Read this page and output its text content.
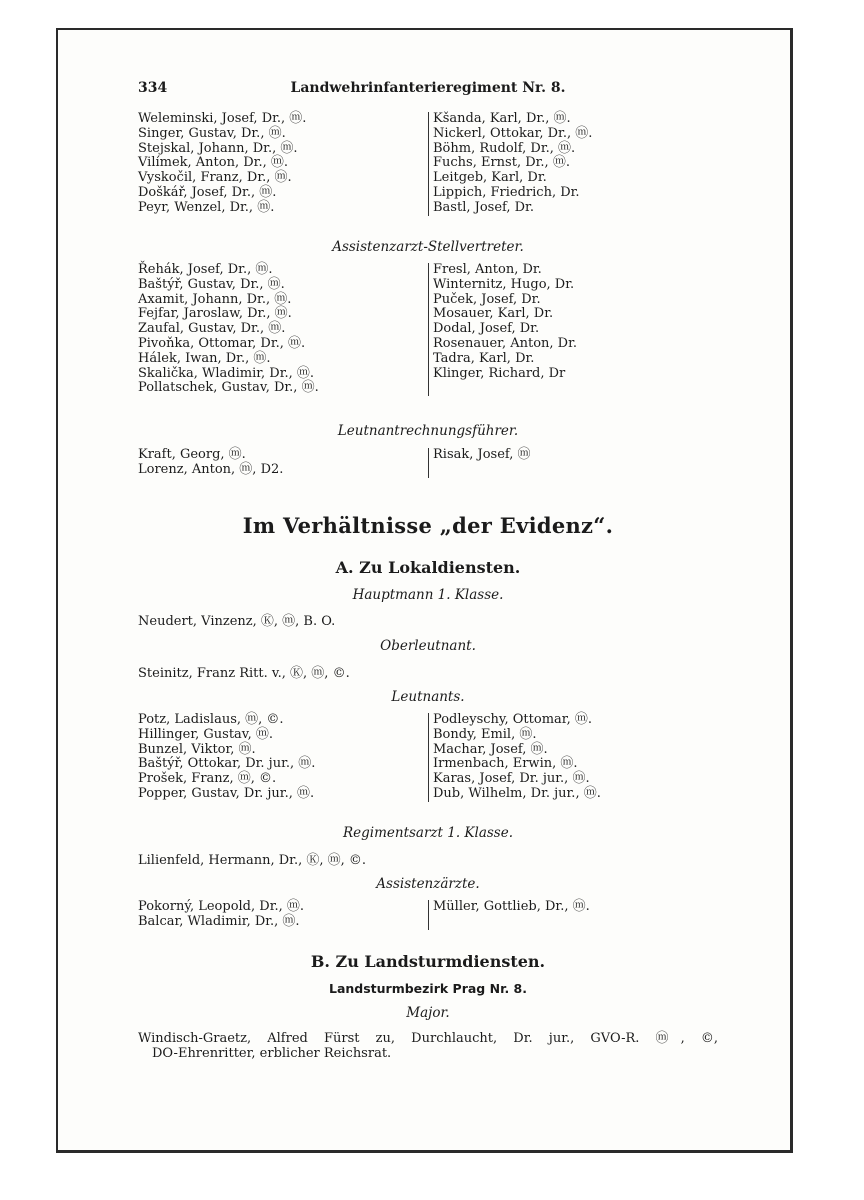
Landwehrinfanterieregiment Nr. 8.
334
Weleminski, Josef, Dr., ⓜ.
Singer, Gustav, Dr., ⓜ.
Stejskal, Johann, Dr., ⓜ.
Vilímek, Anton, Dr., ⓜ.
Vyskočil, Franz, Dr., ⓜ.
Doškář, Josef, Dr., ⓜ.
Peyr, Wenzel, Dr., ⓜ.
Kšanda, Karl, Dr., ⓜ.
Nickerl, Ottokar, Dr., ⓜ.
Böhm, Rudolf, Dr., ⓜ.
Fuchs, Ernst, Dr., ⓜ.
Leitgeb, Karl, Dr.
Lippich, Friedrich, Dr.
Bastl, Josef, Dr.
Assistenzarzt-Stellvertreter.
Řehák, Josef, Dr., ⓜ.
Baštýř, Gustav, Dr., ⓜ.
Axamit, Johann, Dr., ⓜ.
Fejfar, Jaroslaw, Dr., ⓜ.
Zaufal, Gustav, Dr., ⓜ.
Pivoňka, Ottomar, Dr., ⓜ.
Hálek, Iwan, Dr., ⓜ.
Skalička, Wladimir, Dr., ⓜ.
Pollatschek, Gustav, Dr., ⓜ.
Fresl, Anton, Dr.
Winternitz, Hugo, Dr.
Puček, Josef, Dr.
Mosauer, Karl, Dr.
Dodal, Josef, Dr.
Rosenauer, Anton, Dr.
Tadra, Karl, Dr.
Klinger, Richard, Dr
Leutnantrechnungsführer.
Kraft, Georg, ⓜ.
Lorenz, Anton, ⓜ, D2.
Risak, Josef, ⓜ

Im Verhältnisse „der Evidenz“.
A. Zu Lokaldiensten.
Hauptmann 1. Klasse.
Neudert, Vinzenz, Ⓚ, ⓜ, B. O.
Oberleutnant.
Steinitz, Franz Ritt. v., Ⓚ, ⓜ, ©.
Leutnants.
Potz, Ladislaus, ⓜ, ©.
Hillinger, Gustav, ⓜ.
Bunzel, Viktor, ⓜ.
Baštýř, Ottokar, Dr. jur., ⓜ.
Prošek, Franz, ⓜ, ©.
Popper, Gustav, Dr. jur., ⓜ.
Podleyschy, Ottomar, ⓜ.
Bondy, Emil, ⓜ.
Machar, Josef, ⓜ.
Irmenbach, Erwin, ⓜ.
Karas, Josef, Dr. jur., ⓜ.
Dub, Wilhelm, Dr. jur., ⓜ.
Regimentsarzt 1. Klasse.
Lilienfeld, Hermann, Dr., Ⓚ, ⓜ, ©.
Assistenzärzte.
Pokorný, Leopold, Dr., ⓜ.
Balcar, Wladimir, Dr., ⓜ.
Müller, Gottlieb, Dr., ⓜ.

B. Zu Landsturmdiensten.
Landsturmbezirk Prag Nr. 8.
Major.
Windisch-Graetz, Alfred Fürst zu, Durchlaucht, Dr. jur., GVO-R. ⓜ, ©,
DO-Ehrenritter, erblicher Reichsrat.
